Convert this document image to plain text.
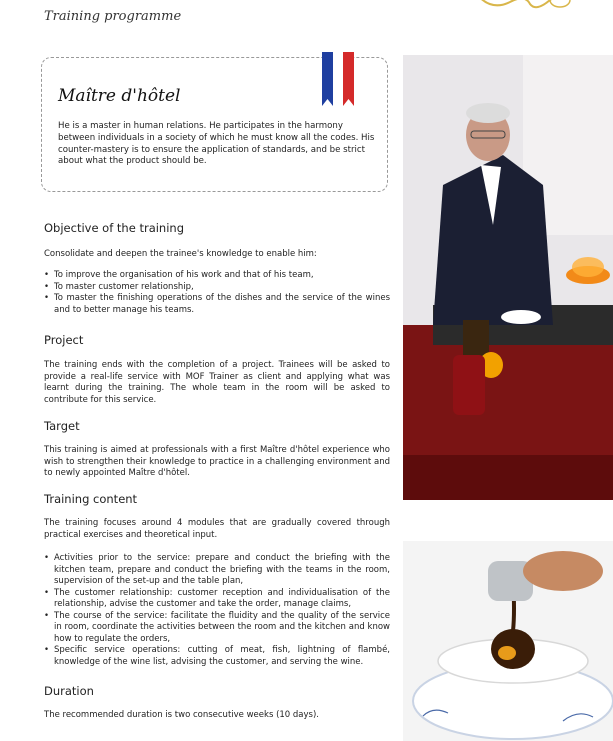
Training programme
Maître d'hôtel
He is a master in human relations. He participates in the harmony between individuals in a society of which he must know all the codes. His counter-mastery is to ensure the application of standards, and be strict about what the product should be.
Objective of the training
Consolidate and deepen the trainee's knowledge to enable him:
• To improve the organisation of his work and that of his team,
• To master customer relationship,
• To master the finishing operations of the dishes and the service of the wines and to better manage his teams.
Project
The training ends with the completion of a project. Trainees will be asked to provide a real-life service with MOF Trainer as client and applying what was learnt during the training. The whole team in the room will be asked to contribute for this service.
Target
This training is aimed at professionals with a first Maître d'hôtel experience who wish to strengthen their knowledge to practice in a challenging environment and to newly appointed Maître d'hôtel.
Training content
The training focuses around 4 modules that are gradually covered through practical exercises and theoretical input.
• Activities prior to the service: prepare and conduct the briefing with the kitchen team, prepare and conduct the briefing with the teams in the room, supervision of the set-up and the table plan,
• The customer relationship: customer reception and individualisation of the relationship, advise the customer and take the order, manage claims,
• The course of the service: facilitate the fluidity and the quality of the service in room, coordinate the activities between the room and the kitchen and know how to regulate the orders,
• Specific service operations: cutting of meat, fish, lightning of flambé, knowledge of the wine list, advising the customer, and serving the wine.
Duration
The recommended duration is two consecutive weeks (10 days).
